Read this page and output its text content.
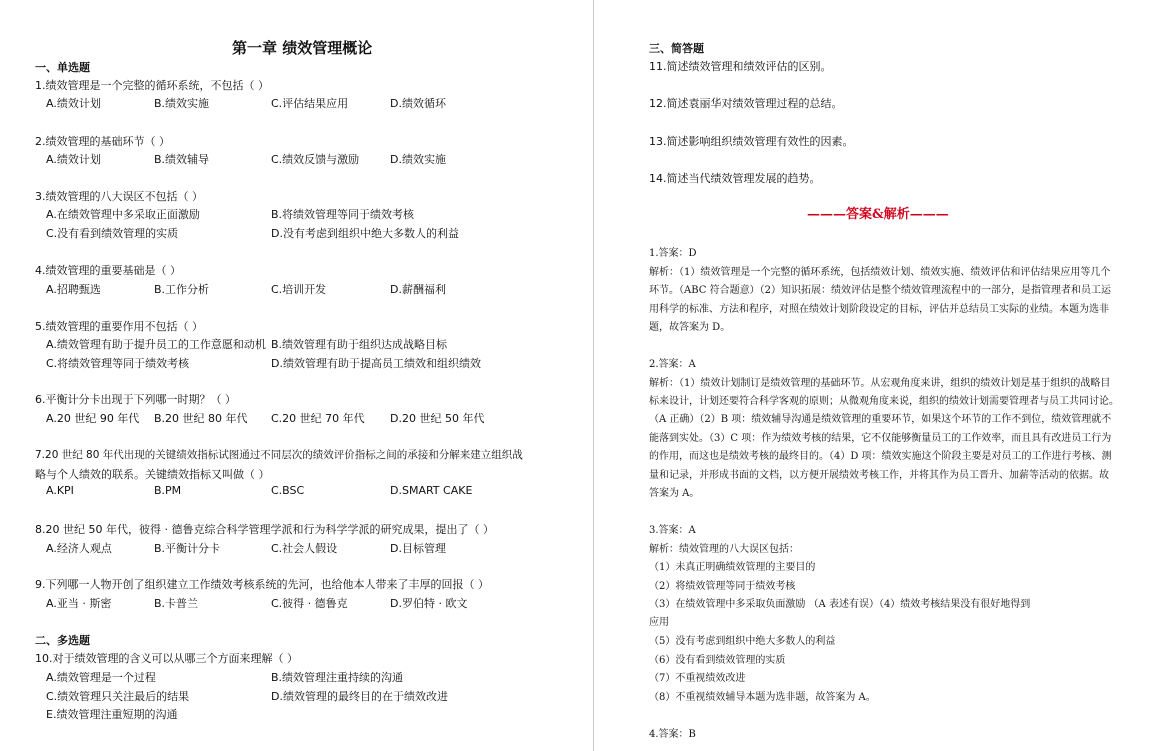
第一章 绩效管理概论
一、单选题
1.绩效管理是一个完整的循环系统，不包括（ ）
A.绩效计划	B.绩效实施	C.评估结果应用	D.绩效循环
2.绩效管理的基础环节（ ）
A.绩效计划	B.绩效辅导	C.绩效反馈与激励	D.绩效实施
3.绩效管理的八大误区不包括（ ）
A.在绩效管理中多采取正面激励	B.将绩效管理等同于绩效考核
C.没有看到绩效管理的实质	D.没有考虑到组织中绝大多数人的利益
4.绩效管理的重要基础是（ ）
A.招聘甄选	B.工作分析	C.培训开发	D.薪酬福利
5.绩效管理的重要作用不包括（ ）
A.绩效管理有助于提升员工的工作意愿和动机 B.绩效管理有助于组织达成战略目标
C.将绩效管理等同于绩效考核	D.绩效管理有助于提高员工绩效和组织绩效
6.平衡计分卡出现于下列哪一时期？（ ）
A.20 世纪 90 年代 B.20 世纪 80 年代 C.20 世纪 70 年代 D.20 世纪 50 年代
7.20 世纪 80 年代出现的关键绩效指标试图通过不同层次的绩效评价指标之间的承接和分解来建立组织战
略与个人绩效的联系。关键绩效指标又叫做（ ）
A.KPI	B.PM	C.BSC	D.SMART CAKE
8.20 世纪 50 年代，彼得 · 德鲁克综合科学管理学派和行为科学学派的研究成果，提出了（ ）
A.经济人观点	B.平衡计分卡	C.社会人假设	D.目标管理
9.下列哪一人物开创了组织建立工作绩效考核系统的先河，也给他本人带来了丰厚的回报（ ）
A.亚当 · 斯密	B.卡普兰	C.彼得 · 德鲁克	D.罗伯特 · 欧文
二、多选题
10.对于绩效管理的含义可以从哪三个方面来理解（ ）
A.绩效管理是一个过程	B.绩效管理注重持续的沟通
C.绩效管理只关注最后的结果	D.绩效管理的最终目的在于绩效改进
E.绩效管理注重短期的沟通
三、简答题
11.简述绩效管理和绩效评估的区别。
12.简述袁丽华对绩效管理过程的总结。
13.简述影响组织绩效管理有效性的因素。
14.简述当代绩效管理发展的趋势。
———答案&解析———
1.答案：D
解析：（1）绩效管理是一个完整的循环系统，包括绩效计划、绩效实施、绩效评估和评估结果应用等几个
环节。（ABC 符合题意）（2）知识拓展：绩效评估是整个绩效管理流程中的一部分，是指管理者和员工运
用科学的标准、方法和程序，对照在绩效计划阶段设定的目标，评估并总结员工实际的业绩。本题为选非
题，故答案为 D。
2.答案：A
解析：（1）绩效计划制订是绩效管理的基础环节。从宏观角度来讲，组织的绩效计划是基于组织的战略目
标来设计，计划还要符合科学客观的原则；从微观角度来说，组织的绩效计划需要管理者与员工共同讨论。
（A 正确）（2）B 项：绩效辅导沟通是绩效管理的重要环节，如果这个环节的工作不到位，绩效管理就不
能落到实处。（3）C 项：作为绩效考核的结果，它不仅能够衡量员工的工作效率，而且具有改进员工行为
的作用，而这也是绩效考核的最终目的。（4）D 项：绩效实施这个阶段主要是对员工的工作进行考核、测
量和记录，并形成书面的文档，以方便开展绩效考核工作，并将其作为员工晋升、加薪等活动的依据。故
答案为 A。
3.答案：A
解析：绩效管理的八大误区包括：
（1）未真正明确绩效管理的主要目的
（2）将绩效管理等同于绩效考核
（3）在绩效管理中多采取负面激励 （A 表述有误）（4）绩效考核结果没有很好地得到
应用
（5）没有考虑到组织中绝大多数人的利益
（6）没有看到绩效管理的实质
（7）不重视绩效改进
（8）不重视绩效辅导本题为选非题，故答案为 A。
4.答案：B
